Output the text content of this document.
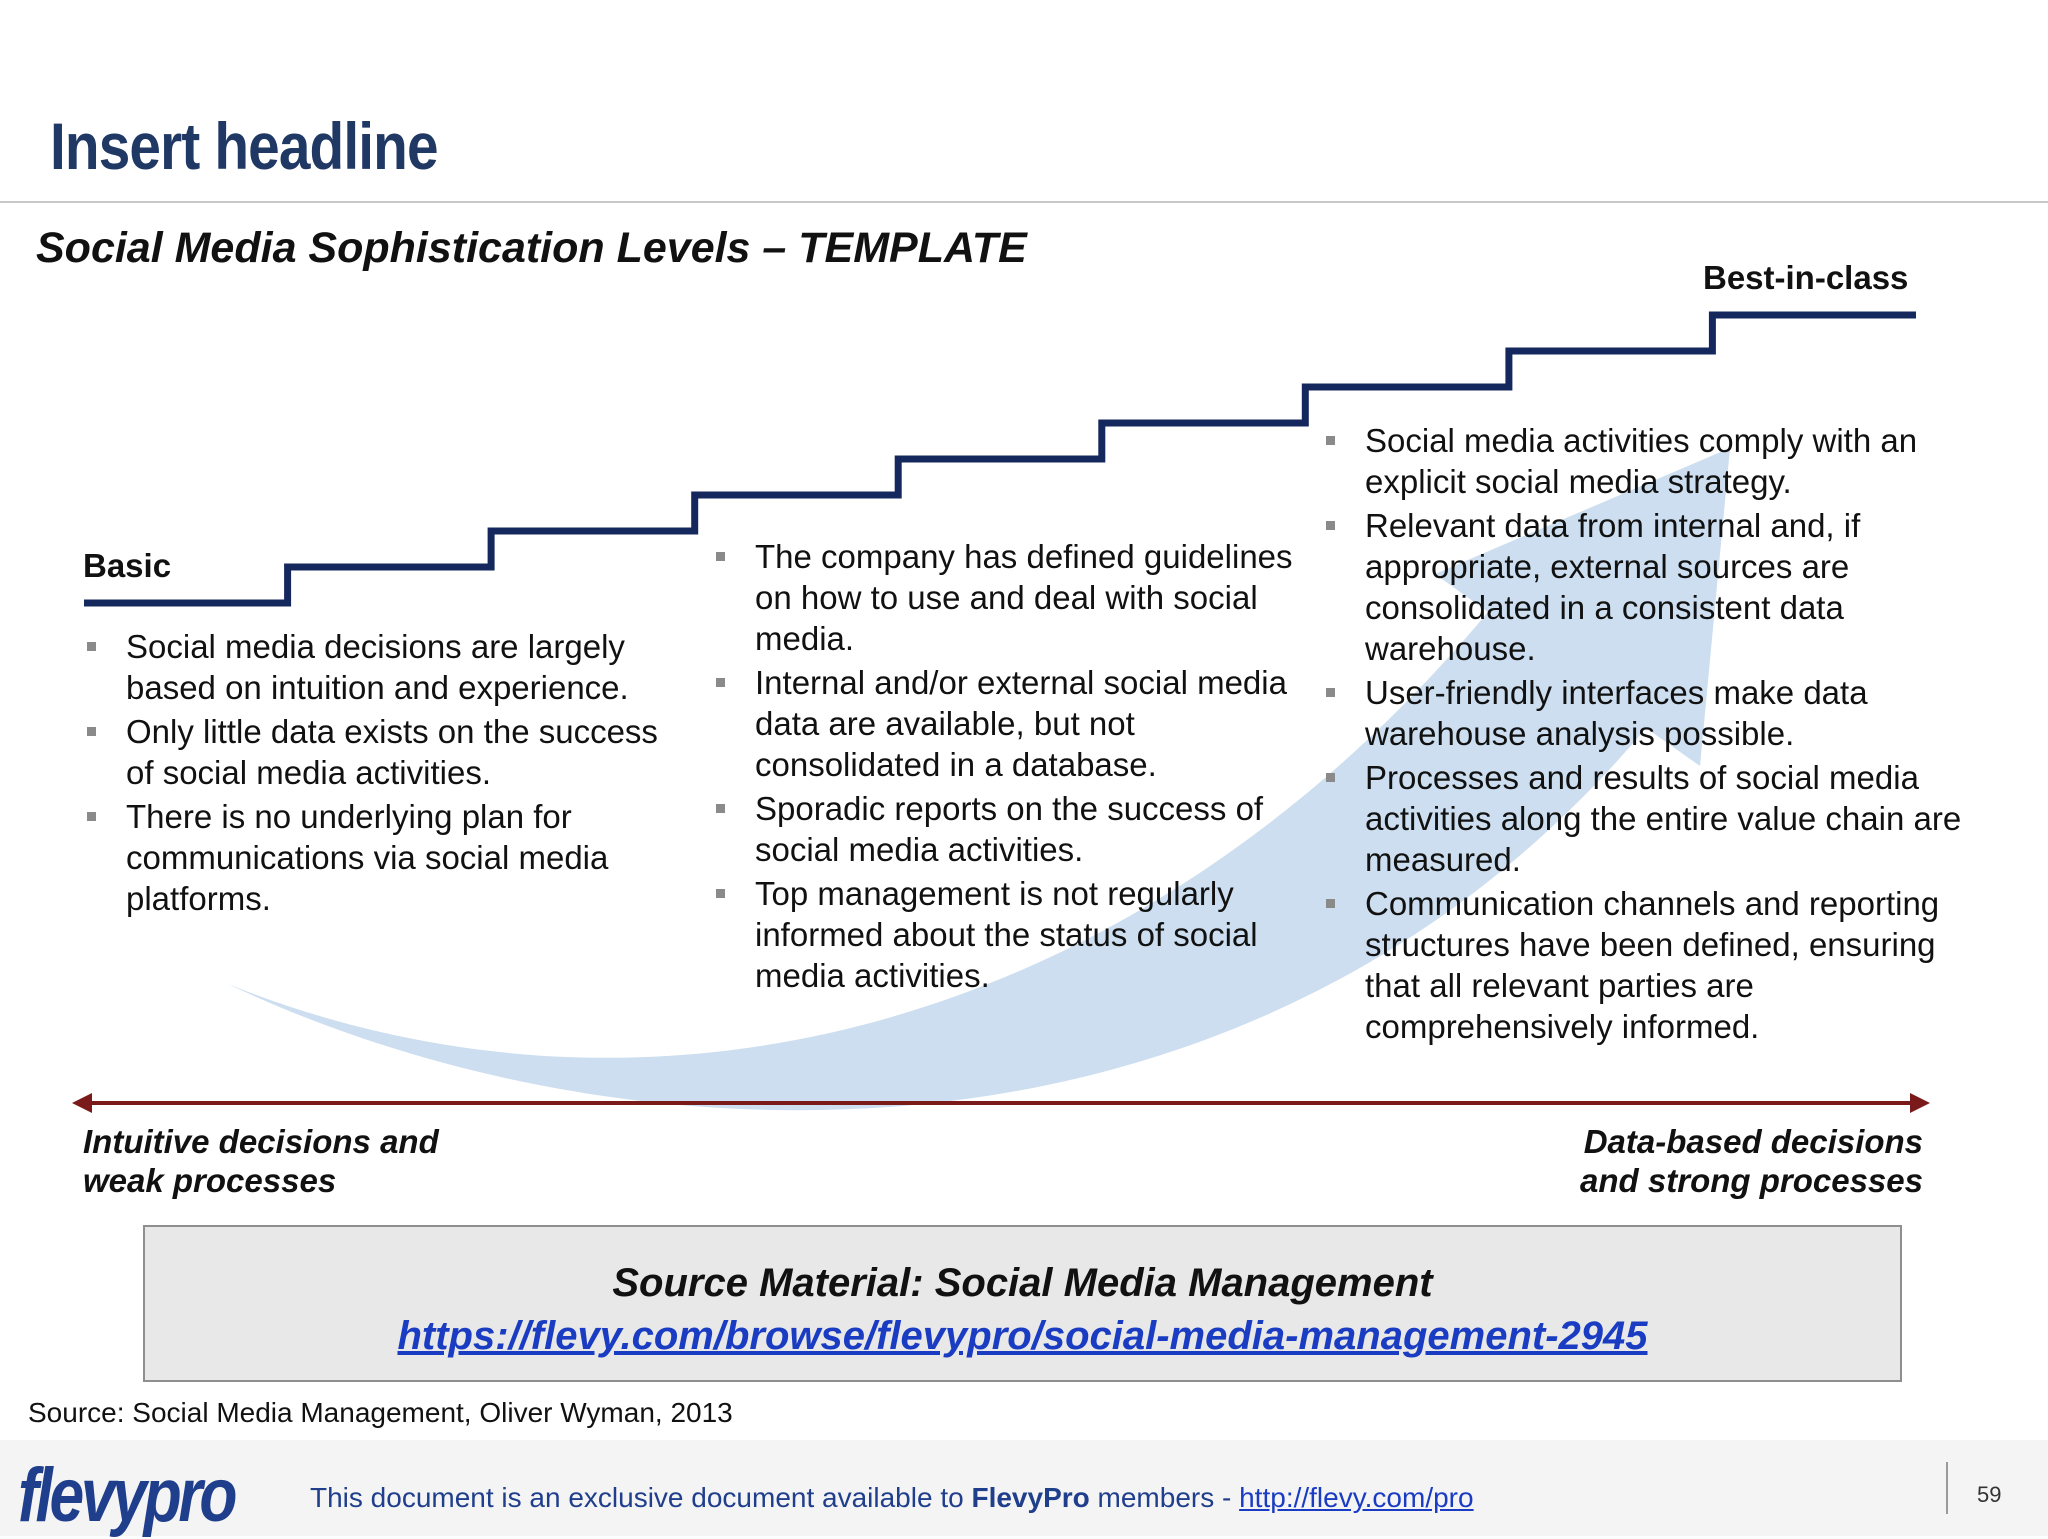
Insert headline
Social Media Sophistication Levels – TEMPLATE
Basic
Best-in-class
Social media decisions are largely based on intuition and experience.
Only little data exists on the success of social media activities.
There is no underlying plan for communications via social media platforms.
The company has defined guidelines on how to use and deal with social media.
Internal and/or external social media data are available, but not consolidated in a database.
Sporadic reports on the success of social media activities.
Top management is not regularly informed about the status of social media activities.
Social media activities comply with an explicit social media strategy.
Relevant data from internal and, if appropriate, external sources are consolidated in a consistent data warehouse.
User-friendly interfaces make data warehouse analysis possible.
Processes and results of social media activities along the entire value chain are measured.
Communication channels and reporting structures have been defined, ensuring that all relevant parties are comprehensively informed.
Intuitive decisions and
weak processes
Data-based decisions
and strong processes
Source Material: Social Media Management
https://flevy.com/browse/flevypro/social-media-management-2945
Source: Social Media Management, Oliver Wyman, 2013
flevypro	This document is an exclusive document available to FlevyPro members - http://flevy.com/pro	59
